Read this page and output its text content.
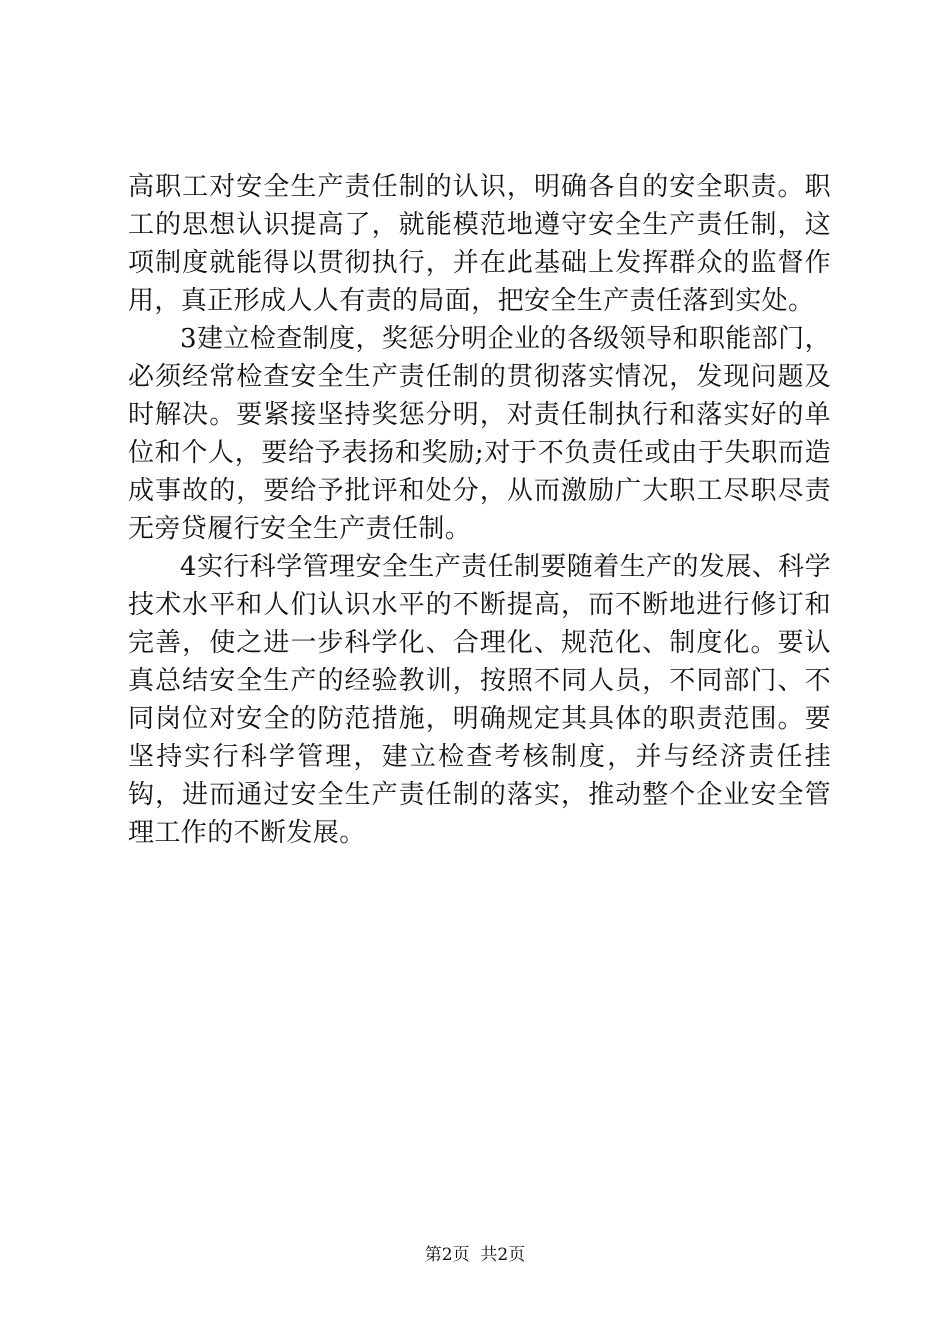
高职工对安全生产责任制的认识，明确各自的安全职责。职工的思想认识提高了，就能模范地遵守安全生产责任制，这项制度就能得以贯彻执行，并在此基础上发挥群众的监督作用，真正形成人人有责的局面，把安全生产责任落到实处。

3建立检查制度，奖惩分明企业的各级领导和职能部门，必须经常检查安全生产责任制的贯彻落实情况，发现问题及时解决。要紧接坚持奖惩分明，对责任制执行和落实好的单位和个人，要给予表扬和奖励;对于不负责任或由于失职而造成事故的，要给予批评和处分，从而激励广大职工尽职尽责无旁贷履行安全生产责任制。

4实行科学管理安全生产责任制要随着生产的发展、科学技术水平和人们认识水平的不断提高，而不断地进行修订和完善，使之进一步科学化、合理化、规范化、制度化。要认真总结安全生产的经验教训，按照不同人员，不同部门、不同岗位对安全的防范措施，明确规定其具体的职责范围。要坚持实行科学管理，建立检查考核制度，并与经济责任挂钩，进而通过安全生产责任制的落实，推动整个企业安全管理工作的不断发展。

第2页  共2页
